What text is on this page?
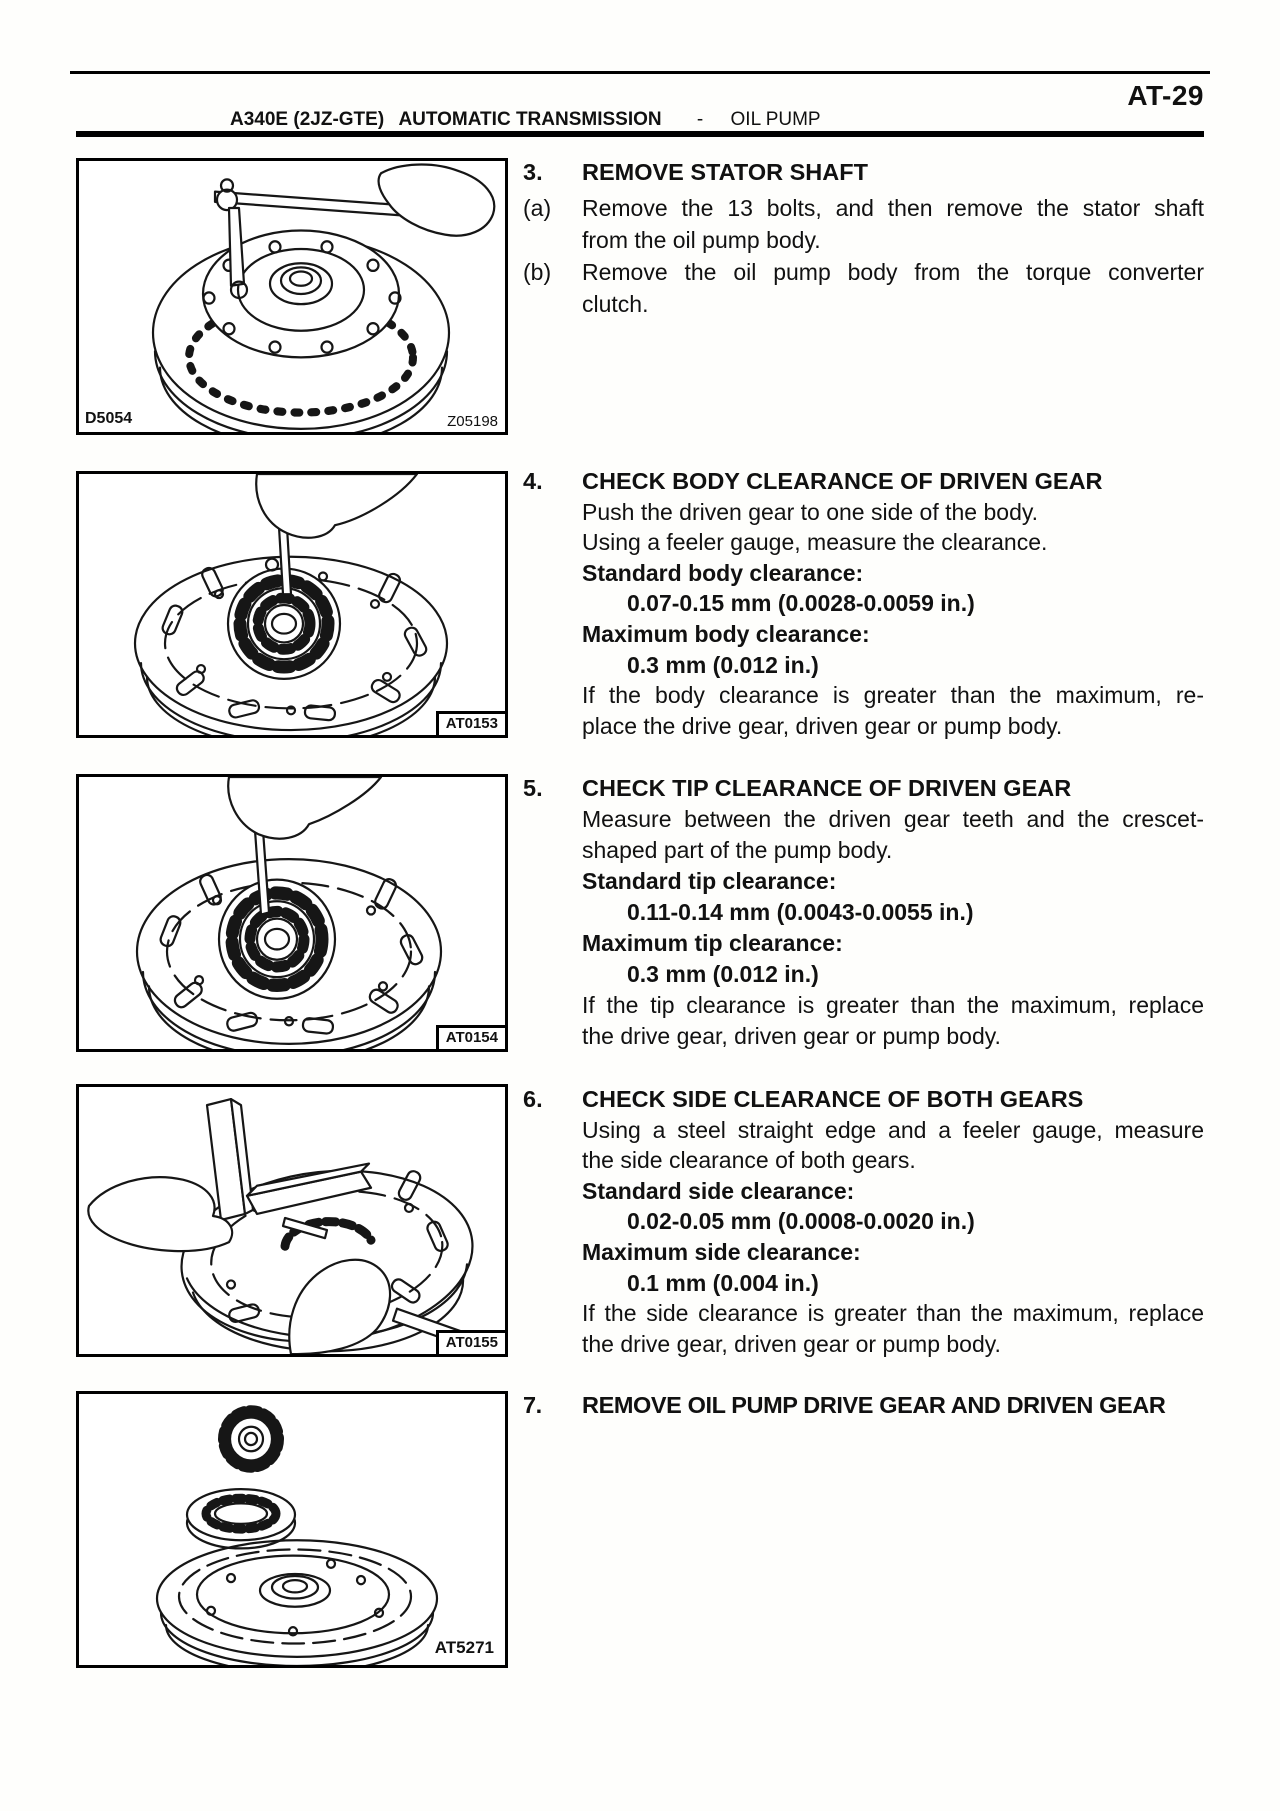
AT-29
A340E (2JZ-GTE) AUTOMATIC TRANSMISSION - OIL PUMP
D5054	Z05198
AT0153
AT0154
AT0155
AT5271
3. REMOVE STATOR SHAFT
(a) Remove the 13 bolts, and then remove the stator shaft
from the oil pump body.
(b) Remove the oil pump body from the torque converter
clutch.
4. CHECK BODY CLEARANCE OF DRIVEN GEAR
Push the driven gear to one side of the body.
Using a feeler gauge, measure the clearance.
Standard body clearance:
0.07-0.15 mm (0.0028-0.0059 in.)
Maximum body clearance:
0.3 mm (0.012 in.)
If the body clearance is greater than the maximum, re-
place the drive gear, driven gear or pump body.
5. CHECK TIP CLEARANCE OF DRIVEN GEAR
Measure between the driven gear teeth and the crescet-
shaped part of the pump body.
Standard tip clearance:
0.11-0.14 mm (0.0043-0.0055 in.)
Maximum tip clearance:
0.3 mm (0.012 in.)
If the tip clearance is greater than the maximum, replace
the drive gear, driven gear or pump body.
6. CHECK SIDE CLEARANCE OF BOTH GEARS
Using a steel straight edge and a feeler gauge, measure
the side clearance of both gears.
Standard side clearance:
0.02-0.05 mm (0.0008-0.0020 in.)
Maximum side clearance:
0.1 mm (0.004 in.)
If the side clearance is greater than the maximum, replace
the drive gear, driven gear or pump body.
7. REMOVE OIL PUMP DRIVE GEAR AND DRIVEN GEAR
